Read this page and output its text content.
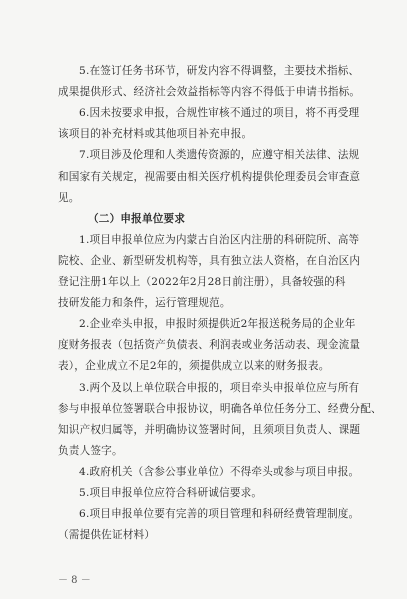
5.在签订任务书环节，研发内容不得调整，主要技术指标、
成果提供形式、经济社会效益指标等内容不得低于申请书指标。
6.因未按要求申报，合规性审核不通过的项目，将不再受理
该项目的补充材料或其他项目补充申报。
7.项目涉及伦理和人类遗传资源的，应遵守相关法律、法规
和国家有关规定，视需要由相关医疗机构提供伦理委员会审查意
见。
（二）申报单位要求
1.项目申报单位应为内蒙古自治区内注册的科研院所、高等
院校、企业、新型研发机构等，具有独立法人资格，在自治区内
登记注册1年以上（2022年2月28日前注册），具备较强的科
技研发能力和条件，运行管理规范。
2.企业牵头申报，申报时须提供近2年报送税务局的企业年
度财务报表（包括资产负债表、利润表或业务活动表、现金流量
表），企业成立不足2年的，须提供成立以来的财务报表。
3.两个及以上单位联合申报的，项目牵头申报单位应与所有
参与申报单位签署联合申报协议，明确各单位任务分工、经费分配、
知识产权归属等，并明确协议签署时间，且须项目负责人、课题
负责人签字。
4.政府机关（含参公事业单位）不得牵头或参与项目申报。
5.项目申报单位应符合科研诚信要求。
－ 8 －
6.项目申报单位要有完善的项目管理和科研经费管理制度。
（需提供佐证材料）
